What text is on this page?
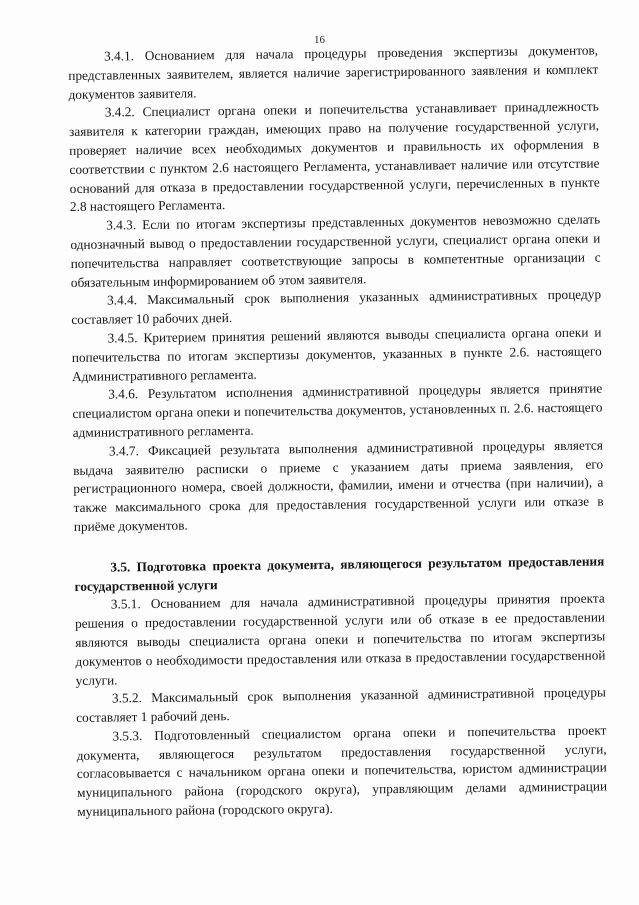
16

3.4.1. Основанием для начала процедуры проведения экспертизы документов, представленных заявителем, является наличие зарегистрированного заявления и комплект документов заявителя.

3.4.2. Специалист органа опеки и попечительства устанавливает принадлежность заявителя к категории граждан, имеющих право на получение государственной услуги, проверяет наличие всех необходимых документов и правильность их оформления в соответствии с пунктом 2.6 настоящего Регламента, устанавливает наличие или отсутствие оснований для отказа в предоставлении государственной услуги, перечисленных в пункте 2.8 настоящего Регламента.

3.4.3. Если по итогам экспертизы представленных документов невозможно сделать однозначный вывод о предоставлении государственной услуги, специалист органа опеки и попечительства направляет соответствующие запросы в компетентные организации с обязательным информированием об этом заявителя.

3.4.4. Максимальный срок выполнения указанных административных процедур составляет 10 рабочих дней.

3.4.5. Критерием принятия решений являются выводы специалиста органа опеки и попечительства по итогам экспертизы документов, указанных в пункте 2.6. настоящего Административного регламента.

3.4.6. Результатом исполнения административной процедуры является принятие специалистом органа опеки и попечительства документов, установленных п. 2.6. настоящего административного регламента.

3.4.7. Фиксацией результата выполнения административной процедуры является выдача заявителю расписки о приеме с указанием даты приема заявления, его регистрационного номера, своей должности, фамилии, имени и отчества (при наличии), а также максимального срока для предоставления государственной услуги или отказе в приёме документов.

3.5. Подготовка проекта документа, являющегося результатом предоставления государственной услуги

3.5.1. Основанием для начала административной процедуры принятия проекта решения о предоставлении государственной услуги или об отказе в ее предоставлении являются выводы специалиста органа опеки и попечительства по итогам экспертизы документов о необходимости предоставления или отказа в предоставлении государственной услуги.

3.5.2. Максимальный срок выполнения указанной административной процедуры составляет 1 рабочий день.

3.5.3. Подготовленный специалистом органа опеки и попечительства проект документа, являющегося результатом предоставления государственной услуги, согласовывается с начальником органа опеки и попечительства, юристом администрации муниципального района (городского округа), управляющим делами администрации муниципального района (городского округа).
